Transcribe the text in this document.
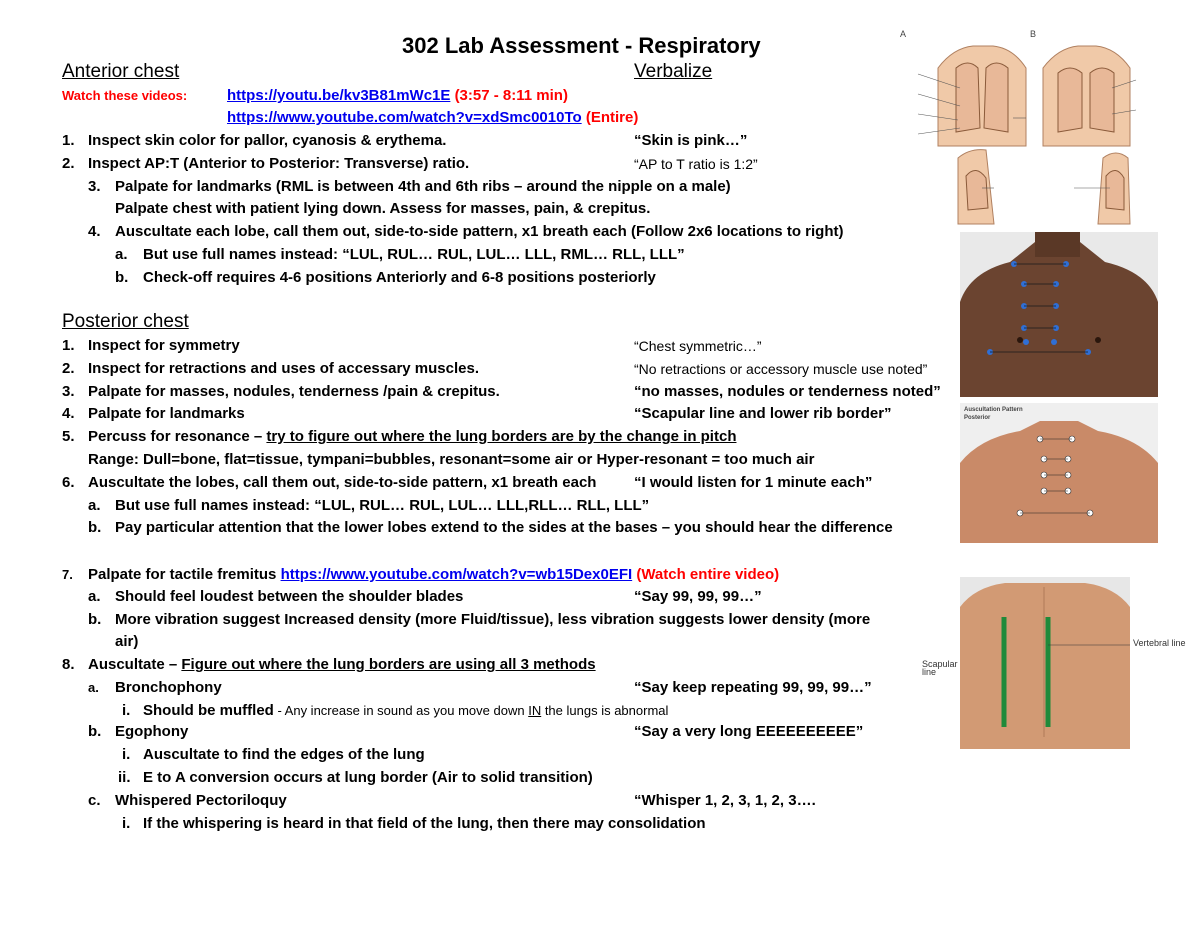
302 Lab Assessment - Respiratory
Anterior chest	Verbalize
Watch these videos:	https://youtu.be/kv3B81mWc1E (3:57 - 8:11 min)
https://www.youtube.com/watch?v=xdSmc0010To (Entire)
1. Inspect skin color for pallor, cyanosis & erythema.	“Skin is pink…”
2. Inspect AP:T (Anterior to Posterior: Transverse) ratio.	“AP to T ratio is 1:2”
3. Palpate for landmarks (RML is between 4th and 6th ribs – around the nipple on a male)
Palpate chest with patient lying down. Assess for masses, pain, & crepitus.
4. Auscultate each lobe, call them out, side-to-side pattern, x1 breath each (Follow 2x6 locations to right)
a. But use full names instead: “LUL, RUL… RUL, LUL… LLL, RML… RLL, LLL”
b. Check-off requires 4-6 positions Anteriorly and 6-8 positions posteriorly
Posterior chest
1. Inspect for symmetry	“Chest symmetric…”
2. Inspect for retractions and uses of accessary muscles.	“No retractions or accessory muscle use noted”
3. Palpate for masses, nodules, tenderness /pain & crepitus.	“no masses, nodules or tenderness noted”
4. Palpate for landmarks	“Scapular line and lower rib border”
5. Percuss for resonance – try to figure out where the lung borders are by the change in pitch
Range: Dull=bone, flat=tissue, tympani=bubbles, resonant=some air or Hyper-resonant = too much air
6. Auscultate the lobes, call them out, side-to-side pattern, x1 breath each	“I would listen for 1 minute each”
a. But use full names instead: “LUL, RUL… RUL, LUL… LLL,RLL… RLL, LLL”
b. Pay particular attention that the lower lobes extend to the sides at the bases – you should hear the difference
7. Palpate for tactile fremitus https://www.youtube.com/watch?v=wb15Dex0EFI (Watch entire video)
a. Should feel loudest between the shoulder blades	“Say 99, 99, 99…”
b. More vibration suggest Increased density (more Fluid/tissue), less vibration suggests lower density (more
air)
8. Auscultate – Figure out where the lung borders are using all 3 methods
a. Bronchophony	“Say keep repeating 99, 99, 99…”
i. Should be muffled - Any increase in sound as you move down IN the lungs is abnormal
b. Egophony	“Say a very long EEEEEEEEEE”
i. Auscultate to find the edges of the lung
ii. E to A conversion occurs at lung border (Air to solid transition)
c. Whispered Pectoriloquy	“Whisper 1, 2, 3, 1, 2, 3….
i. If the whispering is heard in that field of the lung, then there may consolidation
A	B
Auscultation Pattern Posterior
Vertebral line
Scapular line
